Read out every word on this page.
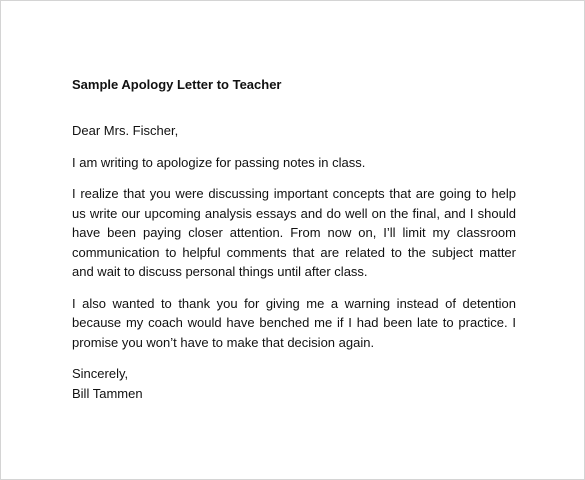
Sample Apology Letter to Teacher

Dear Mrs. Fischer,

I am writing to apologize for passing notes in class.

I realize that you were discussing important concepts that are going to help us write our upcoming analysis essays and do well on the final, and I should have been paying closer attention. From now on, I’ll limit my classroom communication to helpful comments that are related to the subject matter and wait to discuss personal things until after class.

I also wanted to thank you for giving me a warning instead of detention because my coach would have benched me if I had been late to practice. I promise you won’t have to make that decision again.

Sincerely,
Bill Tammen
